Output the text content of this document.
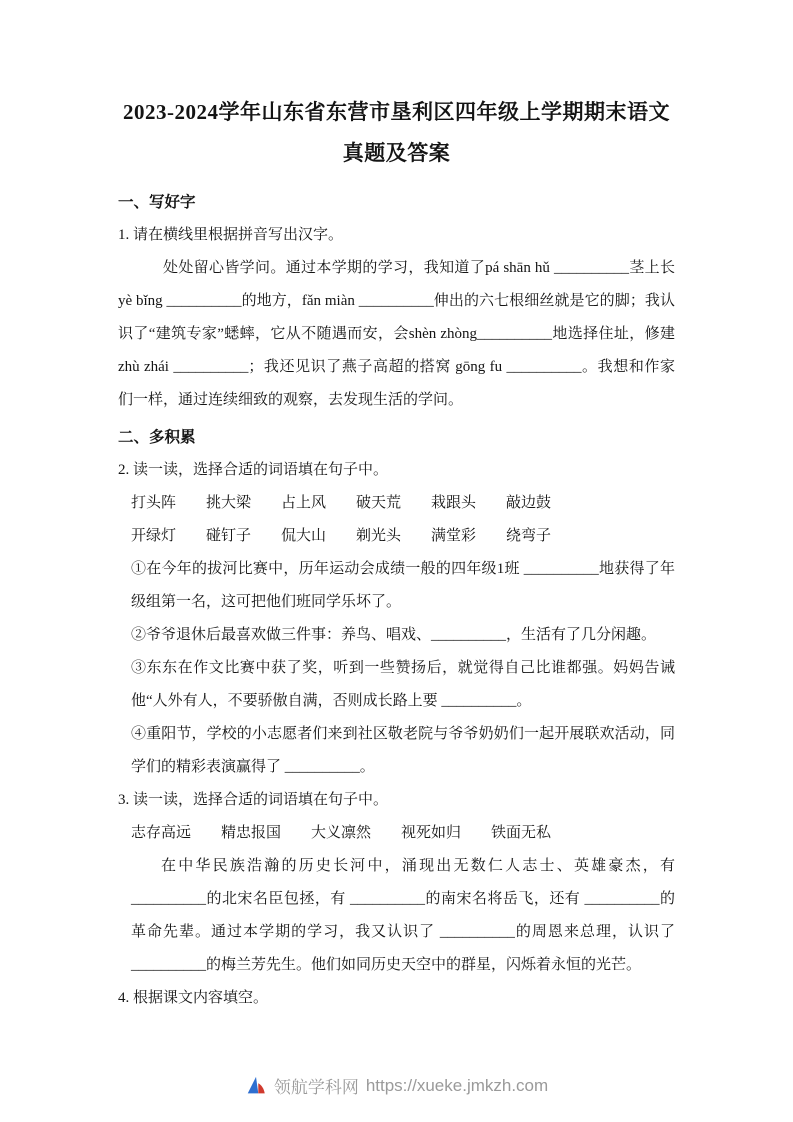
2023-2024学年山东省东营市垦利区四年级上学期期末语文
真题及答案
一、写好字

1. 请在横线里根据拼音写出汉字。

处处留心皆学问。通过本学期的学习，我知道了pá shān hǔ __________茎上长yè bǐng __________的地方，fǎn miàn __________伸出的六七根细丝就是它的脚；我认识了“建筑专家”蟋蟀，它从不随遇而安，会shèn zhòng__________地选择住址，修建zhù zhái __________；我还见识了燕子高超的搭窝 gōng fu __________。我想和作家们一样，通过连续细致的观察，去发现生活的学问。

二、多积累

2. 读一读，选择合适的词语填在句子中。

打头阵　　挑大梁　　占上风　　破天荒　　栽跟头　　敲边鼓

开绿灯　　碰钉子　　侃大山　　剃光头　　满堂彩　　绕弯子

①在今年的拔河比赛中，历年运动会成绩一般的四年级1班 __________地获得了年级组第一名，这可把他们班同学乐坏了。

②爷爷退休后最喜欢做三件事：养鸟、唱戏、__________，生活有了几分闲趣。

③东东在作文比赛中获了奖，听到一些赞扬后，就觉得自己比谁都强。妈妈告诫他“人外有人，不要骄傲自满，否则成长路上要 __________。

④重阳节，学校的小志愿者们来到社区敬老院与爷爷奶奶们一起开展联欢活动，同学们的精彩表演赢得了 __________。

3. 读一读，选择合适的词语填在句子中。

志存高远　　精忠报国　　大义凛然　　视死如归　　铁面无私

在中华民族浩瀚的历史长河中，涌现出无数仁人志士、英雄豪杰，有 __________的北宋名臣包拯，有 __________的南宋名将岳飞，还有 __________的革命先辈。通过本学期的学习，我又认识了 __________的周恩来总理，认识了 __________的梅兰芳先生。他们如同历史天空中的群星，闪烁着永恒的光芒。

4. 根据课文内容填空。

领航学科网 https://xueke.jmkzh.com
